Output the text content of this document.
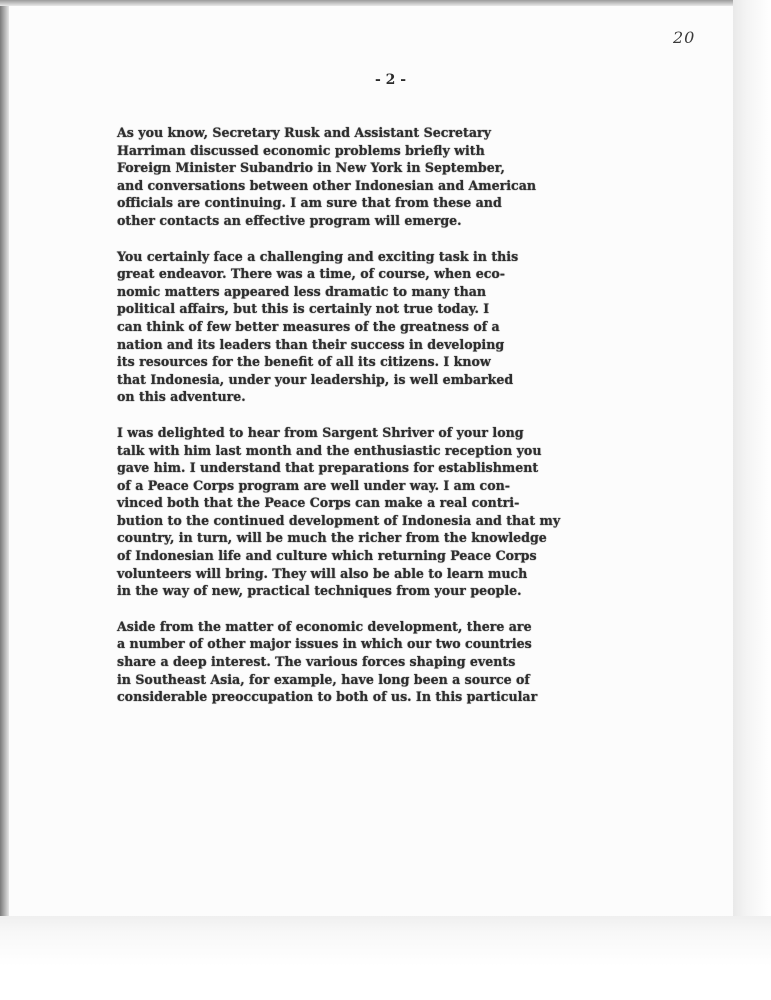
20
- 2 -
As you know, Secretary Rusk and Assistant Secretary
Harriman discussed economic problems briefly with
Foreign Minister Subandrio in New York in September,
and conversations between other Indonesian and American
officials are continuing. I am sure that from these and
other contacts an effective program will emerge.
You certainly face a challenging and exciting task in this
great endeavor. There was a time, of course, when eco-
nomic matters appeared less dramatic to many than
political affairs, but this is certainly not true today. I
can think of few better measures of the greatness of a
nation and its leaders than their success in developing
its resources for the benefit of all its citizens. I know
that Indonesia, under your leadership, is well embarked
on this adventure.
I was delighted to hear from Sargent Shriver of your long
talk with him last month and the enthusiastic reception you
gave him. I understand that preparations for establishment
of a Peace Corps program are well under way. I am con-
vinced both that the Peace Corps can make a real contri-
bution to the continued development of Indonesia and that my
country, in turn, will be much the richer from the knowledge
of Indonesian life and culture which returning Peace Corps
volunteers will bring. They will also be able to learn much
in the way of new, practical techniques from your people.
Aside from the matter of economic development, there are
a number of other major issues in which our two countries
share a deep interest. The various forces shaping events
in Southeast Asia, for example, have long been a source of
considerable preoccupation to both of us. In this particular
